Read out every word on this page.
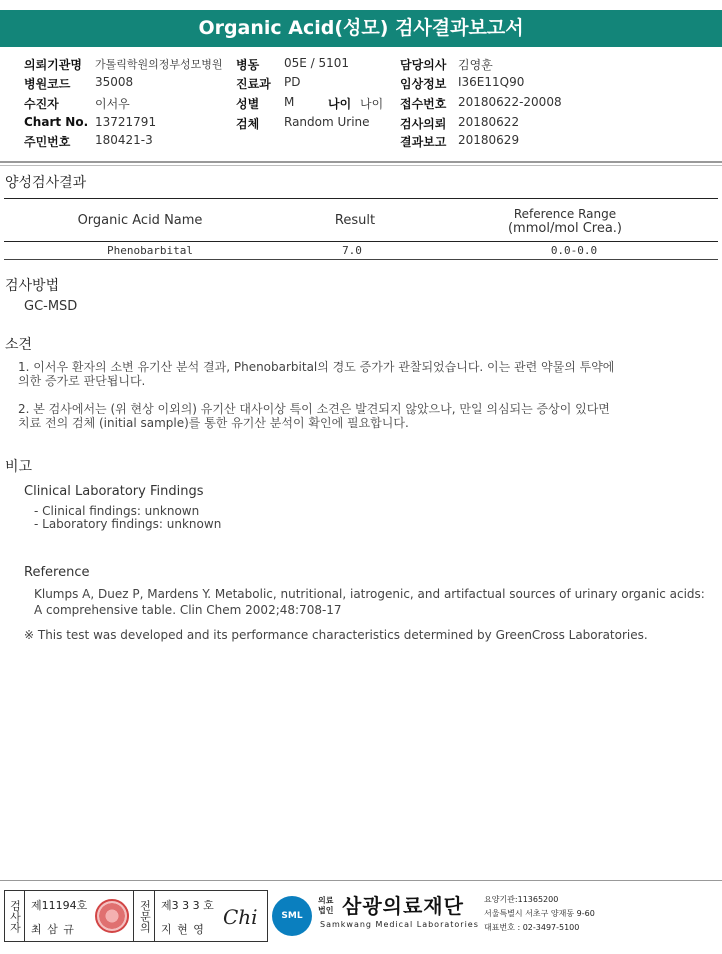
Organic Acid(성모) 검사결과보고서
의뢰기관명 가톨릭학원의정부성모병원 병동 05E / 5101	담당의사 김영훈
병원코드 35008	진료과 PD	임상정보 I36E11Q90
수진자	이서우	성별 M	나이 나이 접수번호 20180622-20008
Chart No. 13721791	검체 Random Urine	검사의뢰 20180622
주민번호 180421-3	결과보고 20180629
양성검사결과
Organic Acid Name	Result	Reference Range
(mmol/mol Crea.)
Phenobarbital	7.0	0.0-0.0
검사방법
GC-MSD
소견
1. 이서우 환자의 소변 유기산 분석 결과, Phenobarbital의 경도 증가가 관찰되었습니다. 이는 관련 약물의 투약에
의한 증가로 판단됩니다.
2. 본 검사에서는 (위 현상 이외의) 유기산 대사이상 특이 소견은 발견되지 않았으나, 만일 의심되는 증상이 있다면
치료 전의 검체 (initial sample)를 통한 유기산 분석이 확인에 필요합니다.
비고
Clinical Laboratory Findings
- Clinical findings: unknown
- Laboratory findings: unknown
Reference
Klumps A, Duez P, Mardens Y. Metabolic, nutritional, iatrogenic, and artifactual sources of urinary organic acids:
A comprehensive table. Clin Chem 2002;48:708-17
※ This test was developed and its performance characteristics determined by GreenCross Laboratories.
검사자 제11194호
최 삼 규	전문의 제3 3 3 호
지 현 영
Chi	SML
의료
법인 삼광의료재단
Samkwang Medical Laboratories
요양기관:11365200
서울특별시 서초구 양재동 9-60
대표번호 : 02-3497-5100
